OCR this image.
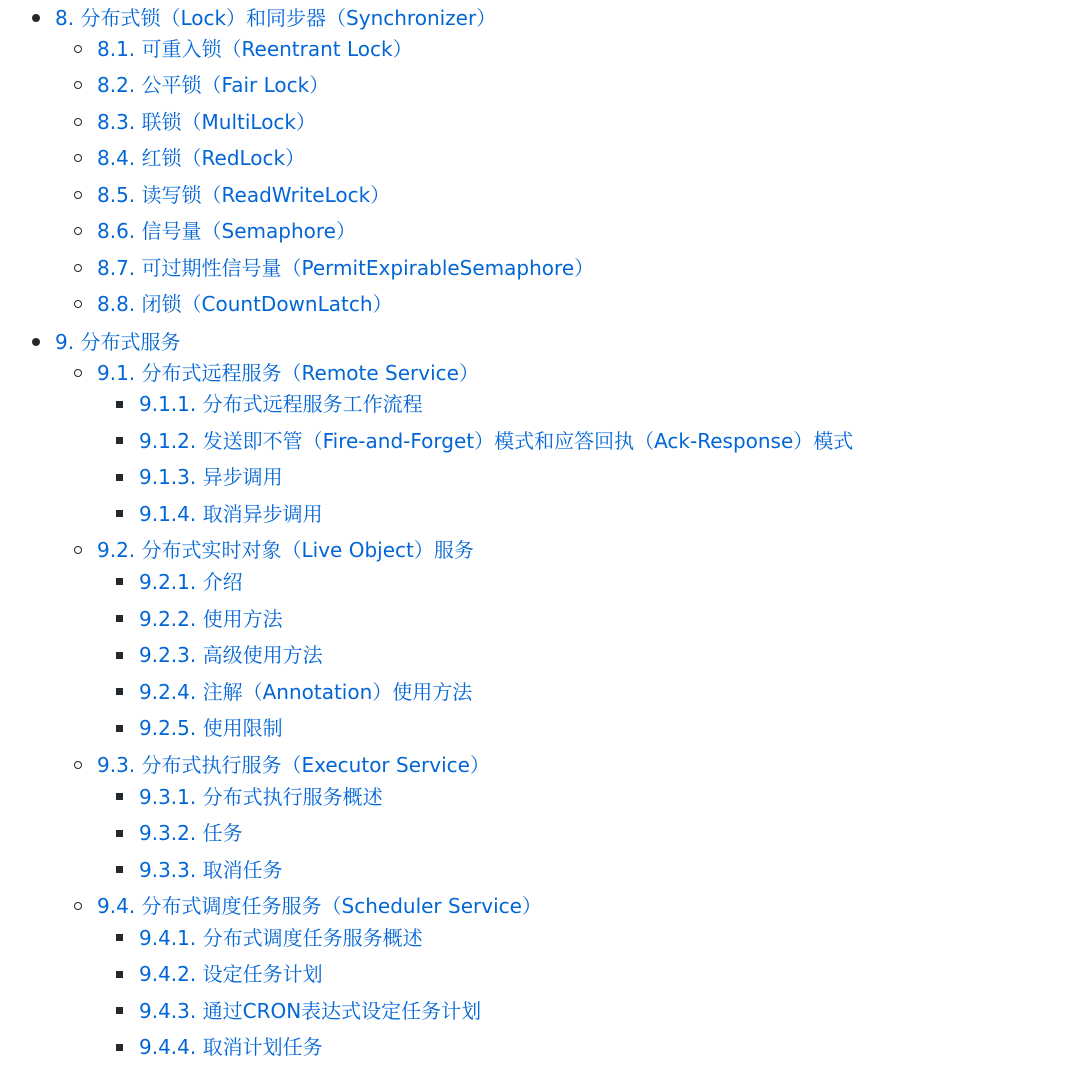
8. 分布式锁（Lock）和同步器（Synchronizer）
8.1. 可重入锁（Reentrant Lock）
8.2. 公平锁（Fair Lock）
8.3. 联锁（MultiLock）
8.4. 红锁（RedLock）
8.5. 读写锁（ReadWriteLock）
8.6. 信号量（Semaphore）
8.7. 可过期性信号量（PermitExpirableSemaphore）
8.8. 闭锁（CountDownLatch）
9. 分布式服务
9.1. 分布式远程服务（Remote Service）
9.1.1. 分布式远程服务工作流程
9.1.2. 发送即不管（Fire-and-Forget）模式和应答回执（Ack-Response）模式
9.1.3. 异步调用
9.1.4. 取消异步调用
9.2. 分布式实时对象（Live Object）服务
9.2.1. 介绍
9.2.2. 使用方法
9.2.3. 高级使用方法
9.2.4. 注解（Annotation）使用方法
9.2.5. 使用限制
9.3. 分布式执行服务（Executor Service）
9.3.1. 分布式执行服务概述
9.3.2. 任务
9.3.3. 取消任务
9.4. 分布式调度任务服务（Scheduler Service）
9.4.1. 分布式调度任务服务概述
9.4.2. 设定任务计划
9.4.3. 通过CRON表达式设定任务计划
9.4.4. 取消计划任务
